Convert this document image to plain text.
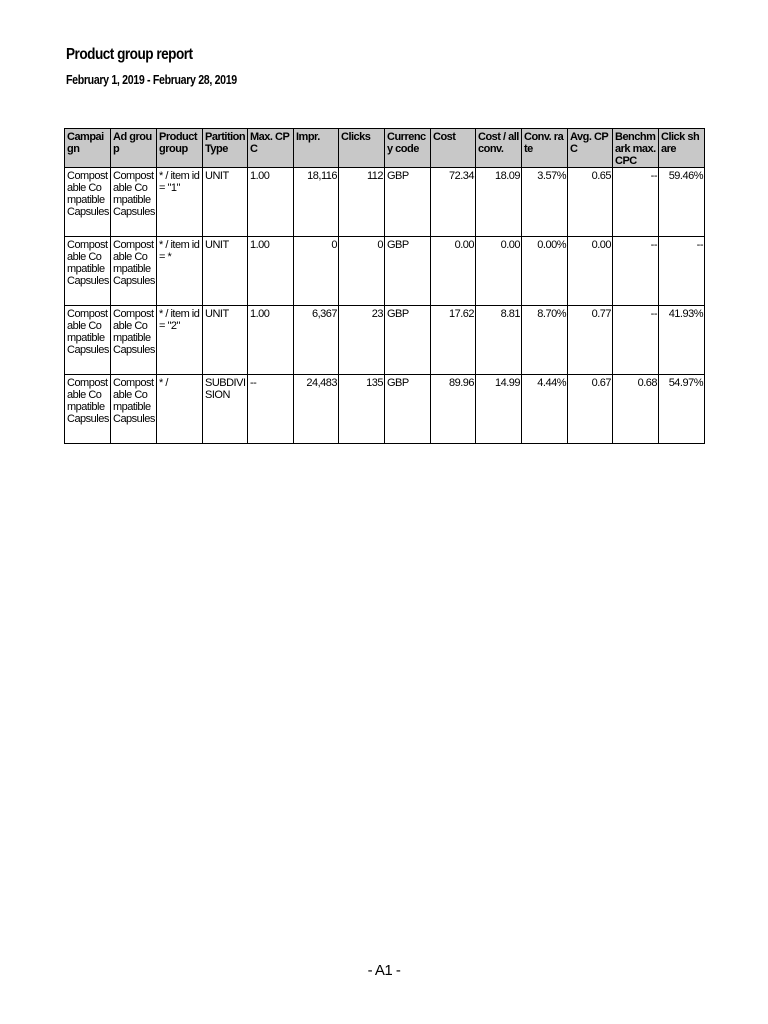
Product group report
February 1, 2019 - February 28, 2019
Campaign	Ad group	Product group	Partition Type	Max. CPC	Impr.	Clicks	Currency code	Cost	Cost / all conv.	Conv. rate	Avg. CPC	Benchmark max. CPC	Click share
Compostable Compatible Capsules	Compostable Compatible Capsules	* / item id = "1"	UNIT	1.00	18,116	112	GBP	72.34	18.09	3.57%	0.65	--	59.46%
Compostable Compatible Capsules	Compostable Compatible Capsules	* / item id = *	UNIT	1.00	0	0	GBP	0.00	0.00	0.00%	0.00	--	--
Compostable Compatible Capsules	Compostable Compatible Capsules	* / item id = "2"	UNIT	1.00	6,367	23	GBP	17.62	8.81	8.70%	0.77	--	41.93%
Compostable Compatible Capsules	Compostable Compatible Capsules	* /	SUBDIVISION	--	24,483	135	GBP	89.96	14.99	4.44%	0.67	0.68	54.97%
- A1 -
